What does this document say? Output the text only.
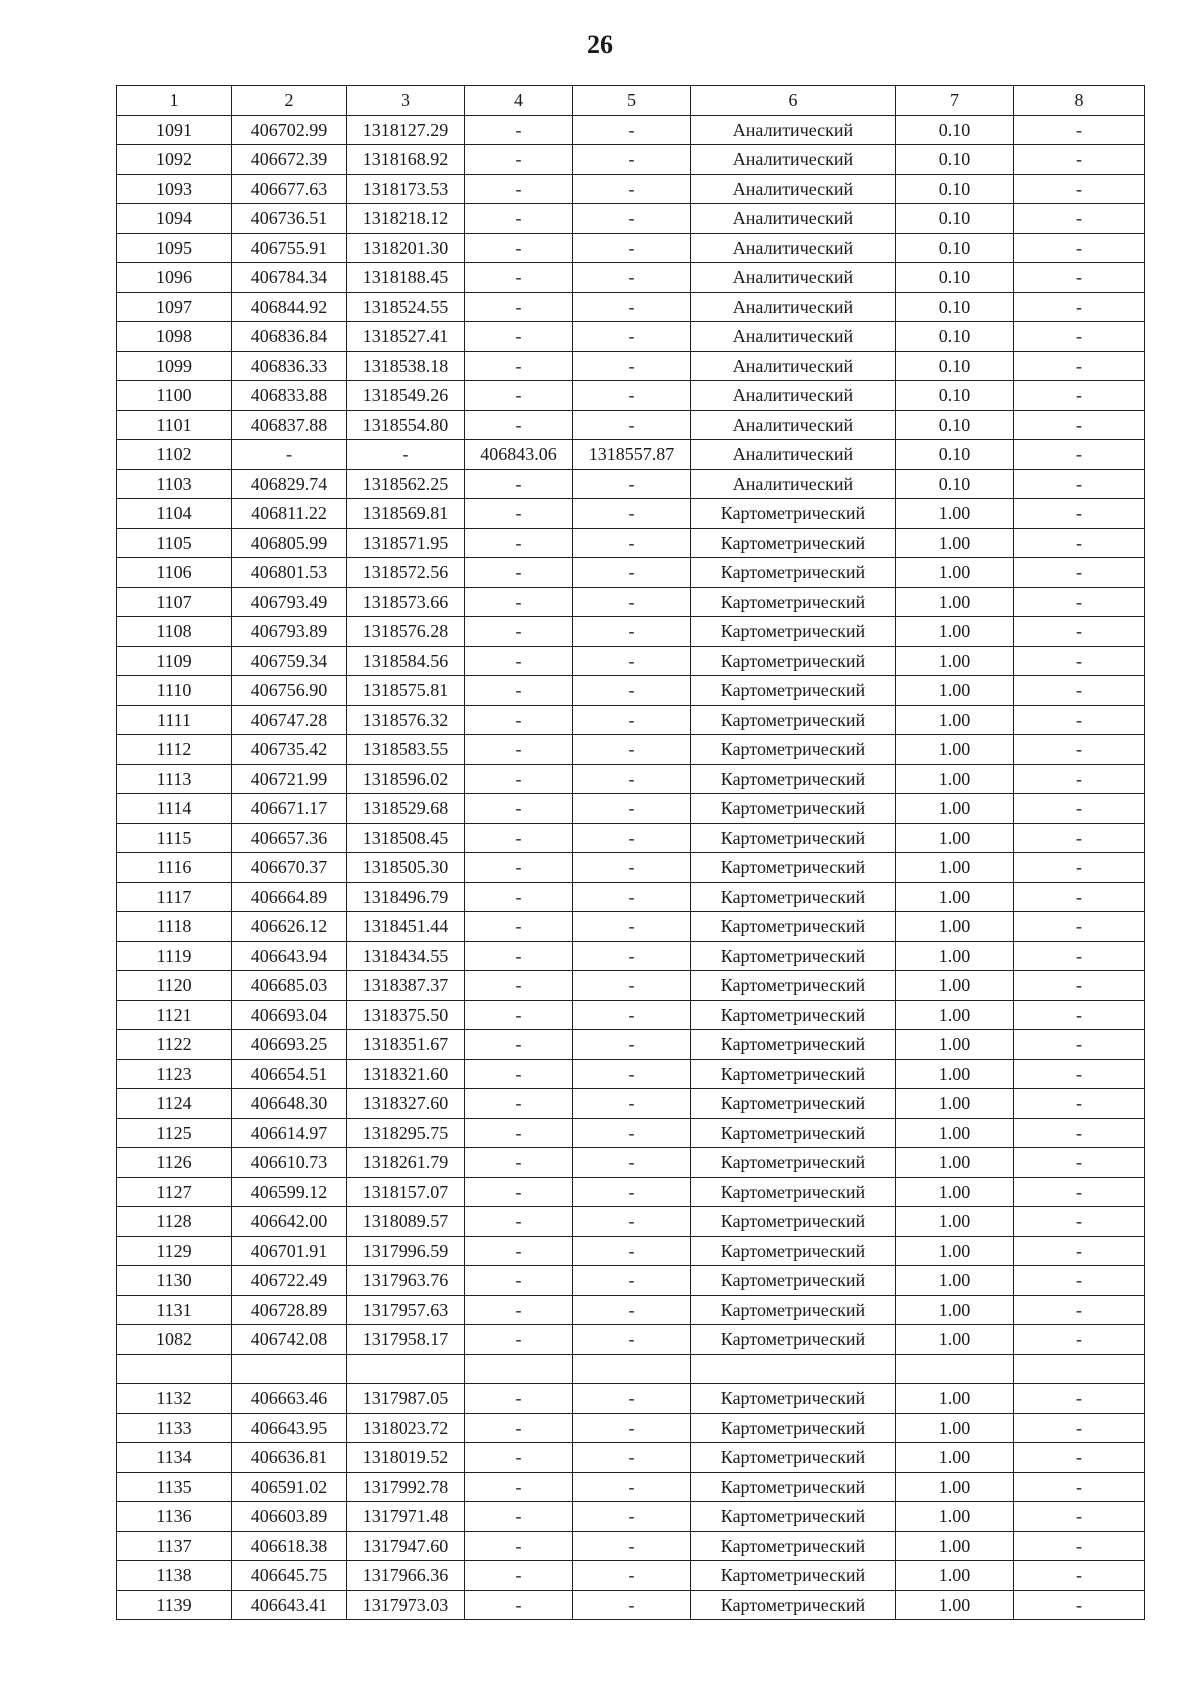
26
1	2	3	4	5	6	7	8
1091	406702.99	1318127.29	-	-	Аналитический	0.10	-
1092	406672.39	1318168.92	-	-	Аналитический	0.10	-
1093	406677.63	1318173.53	-	-	Аналитический	0.10	-
1094	406736.51	1318218.12	-	-	Аналитический	0.10	-
1095	406755.91	1318201.30	-	-	Аналитический	0.10	-
1096	406784.34	1318188.45	-	-	Аналитический	0.10	-
1097	406844.92	1318524.55	-	-	Аналитический	0.10	-
1098	406836.84	1318527.41	-	-	Аналитический	0.10	-
1099	406836.33	1318538.18	-	-	Аналитический	0.10	-
1100	406833.88	1318549.26	-	-	Аналитический	0.10	-
1101	406837.88	1318554.80	-	-	Аналитический	0.10	-
1102	-	-	406843.06	1318557.87	Аналитический	0.10	-
1103	406829.74	1318562.25	-	-	Аналитический	0.10	-
1104	406811.22	1318569.81	-	-	Картометрический	1.00	-
1105	406805.99	1318571.95	-	-	Картометрический	1.00	-
1106	406801.53	1318572.56	-	-	Картометрический	1.00	-
1107	406793.49	1318573.66	-	-	Картометрический	1.00	-
1108	406793.89	1318576.28	-	-	Картометрический	1.00	-
1109	406759.34	1318584.56	-	-	Картометрический	1.00	-
1110	406756.90	1318575.81	-	-	Картометрический	1.00	-
1111	406747.28	1318576.32	-	-	Картометрический	1.00	-
1112	406735.42	1318583.55	-	-	Картометрический	1.00	-
1113	406721.99	1318596.02	-	-	Картометрический	1.00	-
1114	406671.17	1318529.68	-	-	Картометрический	1.00	-
1115	406657.36	1318508.45	-	-	Картометрический	1.00	-
1116	406670.37	1318505.30	-	-	Картометрический	1.00	-
1117	406664.89	1318496.79	-	-	Картометрический	1.00	-
1118	406626.12	1318451.44	-	-	Картометрический	1.00	-
1119	406643.94	1318434.55	-	-	Картометрический	1.00	-
1120	406685.03	1318387.37	-	-	Картометрический	1.00	-
1121	406693.04	1318375.50	-	-	Картометрический	1.00	-
1122	406693.25	1318351.67	-	-	Картометрический	1.00	-
1123	406654.51	1318321.60	-	-	Картометрический	1.00	-
1124	406648.30	1318327.60	-	-	Картометрический	1.00	-
1125	406614.97	1318295.75	-	-	Картометрический	1.00	-
1126	406610.73	1318261.79	-	-	Картометрический	1.00	-
1127	406599.12	1318157.07	-	-	Картометрический	1.00	-
1128	406642.00	1318089.57	-	-	Картометрический	1.00	-
1129	406701.91	1317996.59	-	-	Картометрический	1.00	-
1130	406722.49	1317963.76	-	-	Картометрический	1.00	-
1131	406728.89	1317957.63	-	-	Картометрический	1.00	-
1082	406742.08	1317958.17	-	-	Картометрический	1.00	-

1132	406663.46	1317987.05	-	-	Картометрический	1.00	-
1133	406643.95	1318023.72	-	-	Картометрический	1.00	-
1134	406636.81	1318019.52	-	-	Картометрический	1.00	-
1135	406591.02	1317992.78	-	-	Картометрический	1.00	-
1136	406603.89	1317971.48	-	-	Картометрический	1.00	-
1137	406618.38	1317947.60	-	-	Картометрический	1.00	-
1138	406645.75	1317966.36	-	-	Картометрический	1.00	-
1139	406643.41	1317973.03	-	-	Картометрический	1.00	-
